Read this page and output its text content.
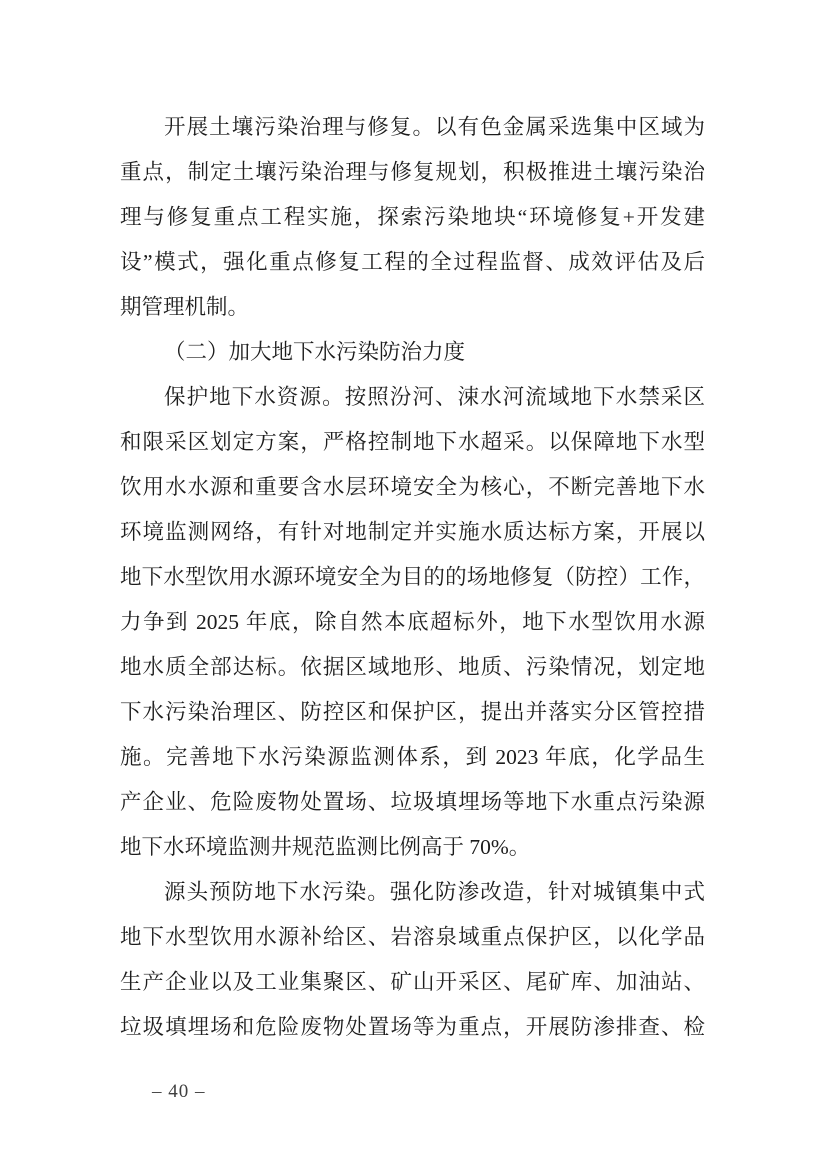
开展土壤污染治理与修复。以有色金属采选集中区域为
重点，制定土壤污染治理与修复规划，积极推进土壤污染治
理与修复重点工程实施，探索污染地块“环境修复+开发建
设”模式，强化重点修复工程的全过程监督、成效评估及后
期管理机制。
（二）加大地下水污染防治力度
保护地下水资源。按照汾河、涑水河流域地下水禁采区
和限采区划定方案，严格控制地下水超采。以保障地下水型
饮用水水源和重要含水层环境安全为核心，不断完善地下水
环境监测网络，有针对地制定并实施水质达标方案，开展以
地下水型饮用水源环境安全为目的的场地修复（防控）工作，
力争到 2025 年底，除自然本底超标外，地下水型饮用水源
地水质全部达标。依据区域地形、地质、污染情况，划定地
下水污染治理区、防控区和保护区，提出并落实分区管控措
施。完善地下水污染源监测体系，到 2023 年底，化学品生
产企业、危险废物处置场、垃圾填埋场等地下水重点污染源
地下水环境监测井规范监测比例高于 70%。
源头预防地下水污染。强化防渗改造，针对城镇集中式
地下水型饮用水源补给区、岩溶泉域重点保护区，以化学品
生产企业以及工业集聚区、矿山开采区、尾矿库、加油站、
垃圾填埋场和危险废物处置场等为重点，开展防渗排查、检
– 40 –
